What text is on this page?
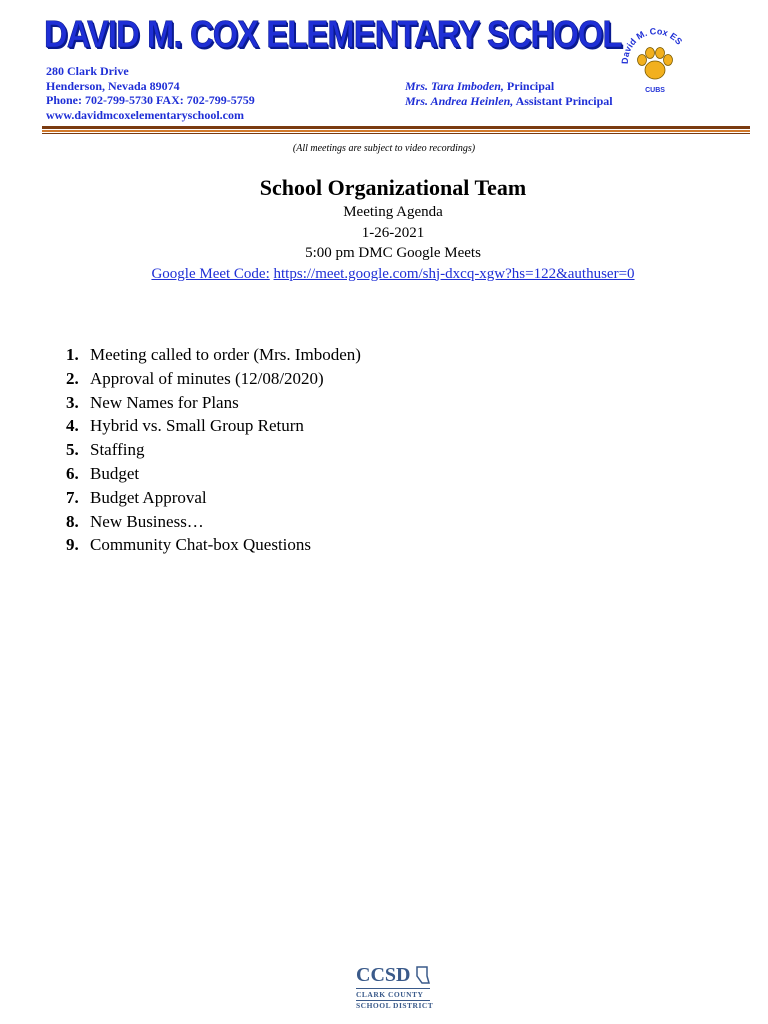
DAVID M. COX ELEMENTARY SCHOOL
280 Clark Drive
Henderson, Nevada 89074
Phone: 702-799-5730 FAX: 702-799-5759
www.davidmcoxelementaryschool.com
Mrs. Tara Imboden, Principal
Mrs. Andrea Heinlen, Assistant Principal
David M. Cox ES
CUBS
(All meetings are subject to video recordings)
School Organizational Team
Meeting Agenda
1-26-2021
5:00 pm DMC Google Meets
Google Meet Code: https://meet.google.com/shj-dxcq-xgw?hs=122&authuser=0
1. Meeting called to order (Mrs. Imboden)
2. Approval of minutes (12/08/2020)
3. New Names for Plans
4. Hybrid vs. Small Group Return
5. Staffing
6. Budget
7. Budget Approval
8. New Business…
9. Community Chat-box Questions
CCSD
CLARK COUNTY
SCHOOL DISTRICT
